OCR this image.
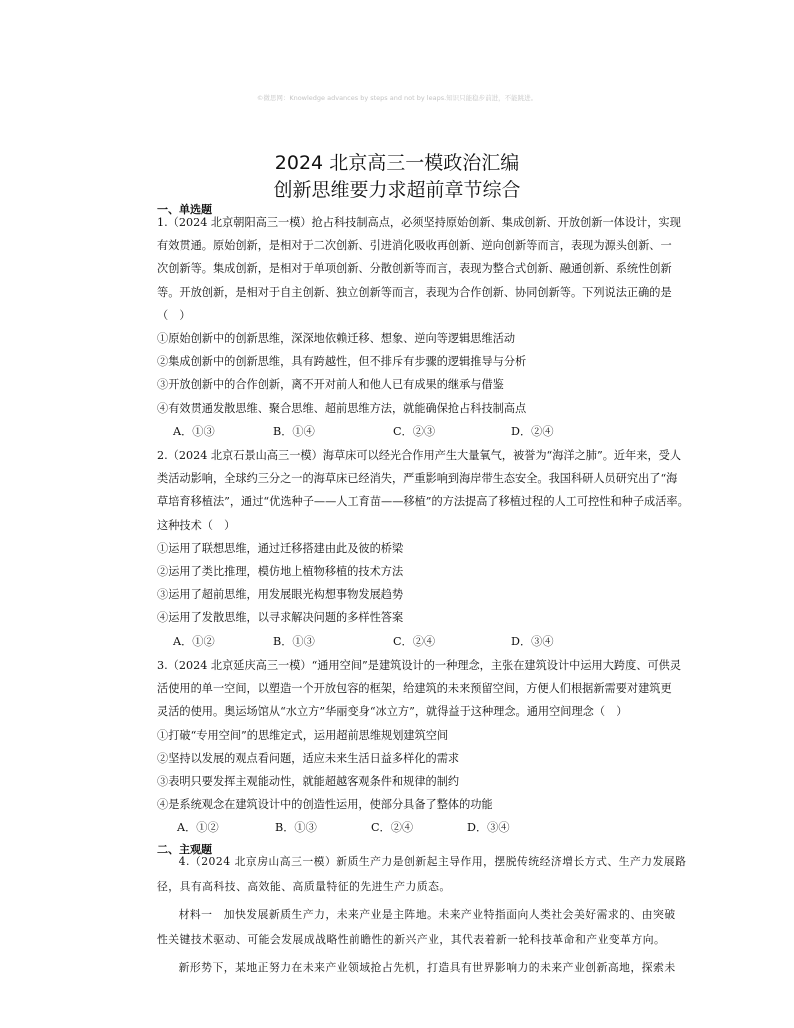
©微思网：Knowledge advances by steps and not by leaps.知识只能稳步前进，不能跳进。
2024 北京高三一模政治汇编
创新思维要力求超前章节综合
一、单选题
1.（2024 北京朝阳高三一模）抢占科技制高点，必须坚持原始创新、集成创新、开放创新一体设计，实现
有效贯通。原始创新，是相对于二次创新、引进消化吸收再创新、逆向创新等而言，表现为源头创新、一
次创新等。集成创新，是相对于单项创新、分散创新等而言，表现为整合式创新、融通创新、系统性创新
等。开放创新，是相对于自主创新、独立创新等而言，表现为合作创新、协同创新等。下列说法正确的是
（　）
①原始创新中的创新思维，深深地依赖迁移、想象、逆向等逻辑思维活动
②集成创新中的创新思维，具有跨越性，但不排斥有步骤的逻辑推导与分析
③开放创新中的合作创新，离不开对前人和他人已有成果的继承与借鉴
④有效贯通发散思维、聚合思维、超前思维方法，就能确保抢占科技制高点
A．①③	B．①④	C．②③	D．②④
2.（2024 北京石景山高三一模）海草床可以经光合作用产生大量氧气，被誉为“海洋之肺”。近年来，受人
类活动影响，全球约三分之一的海草床已经消失，严重影响到海岸带生态安全。我国科研人员研究出了“海
草培育移植法”，通过“优选种子——人工育苗——移植”的方法提高了移植过程的人工可控性和种子成活率。
这种技术（　）
①运用了联想思维，通过迁移搭建由此及彼的桥梁
②运用了类比推理，模仿地上植物移植的技术方法
③运用了超前思维，用发展眼光构想事物发展趋势
④运用了发散思维，以寻求解决问题的多样性答案
A．①②	B．①③	C．②④	D．③④
3.（2024 北京延庆高三一模）“通用空间”是建筑设计的一种理念，主张在建筑设计中运用大跨度、可供灵
活使用的单一空间，以塑造一个开放包容的框架，给建筑的未来预留空间，方便人们根据新需要对建筑更
灵活的使用。奥运场馆从“水立方”华丽变身“冰立方”，就得益于这种理念。通用空间理念（　）
①打破“专用空间”的思维定式，运用超前思维规划建筑空间
②坚持以发展的观点看问题，适应未来生活日益多样化的需求
③表明只要发挥主观能动性，就能超越客观条件和规律的制约
④是系统观念在建筑设计中的创造性运用，使部分具备了整体的功能
A．①②	B．①③	C．②④	D．③④
二、主观题
4.（2024 北京房山高三一模）新质生产力是创新起主导作用，摆脱传统经济增长方式、生产力发展路
径，具有高科技、高效能、高质量特征的先进生产力质态。
材料一　加快发展新质生产力，未来产业是主阵地。未来产业特指面向人类社会美好需求的、由突破
性关键技术驱动、可能会发展成战略性前瞻性的新兴产业，其代表着新一轮科技革命和产业变革方向。
新形势下，某地正努力在未来产业领域抢占先机，打造具有世界影响力的未来产业创新高地，探索未
